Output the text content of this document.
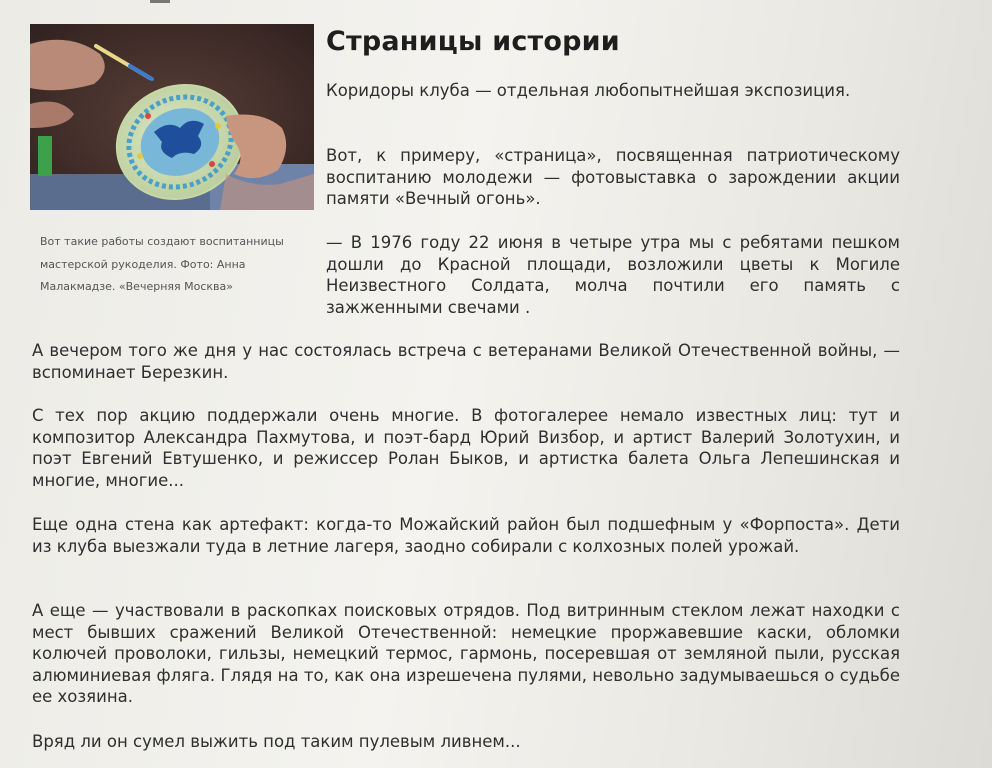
Вот такие работы создают воспитанницы мастерской рукоделия. Фото: Анна Малакмадзе. «Вечерняя Москва»
Страницы истории

Коридоры клуба — отдельная любопытнейшая экспозиция.

Вот, к примеру, «страница», посвященная патриотическому воспитанию молодежи — фотовыставка о зарождении акции памяти «Вечный огонь».

— В 1976 году 22 июня в четыре утра мы с ребятами пешком дошли до Красной площади, возложили цветы к Могиле Неизвестного Солдата, молча почтили его память с зажженными свечами .

А вечером того же дня у нас состоялась встреча с ветеранами Великой Отечественной войны, — вспоминает Березкин.

С тех пор акцию поддержали очень многие. В фотогалерее немало известных лиц: тут и композитор Александра Пахмутова, и поэт-бард Юрий Визбор, и артист Валерий Золотухин, и поэт Евгений Евтушенко, и режиссер Ролан Быков, и артистка балета Ольга Лепешинская и многие, многие...

Еще одна стена как артефакт: когда-то Можайский район был подшефным у «Форпоста». Дети из клуба выезжали туда в летние лагеря, заодно собирали с колхозных полей урожай.

А еще — участвовали в раскопках поисковых отрядов. Под витринным стеклом лежат находки с мест бывших сражений Великой Отечественной: немецкие проржавевшие каски, обломки колючей проволоки, гильзы, немецкий термос, гармонь, посеревшая от земляной пыли, русская алюминиевая фляга. Глядя на то, как она изрешечена пулями, невольно задумываешься о судьбе ее хозяина.

Вряд ли он сумел выжить под таким пулевым ливнем...
